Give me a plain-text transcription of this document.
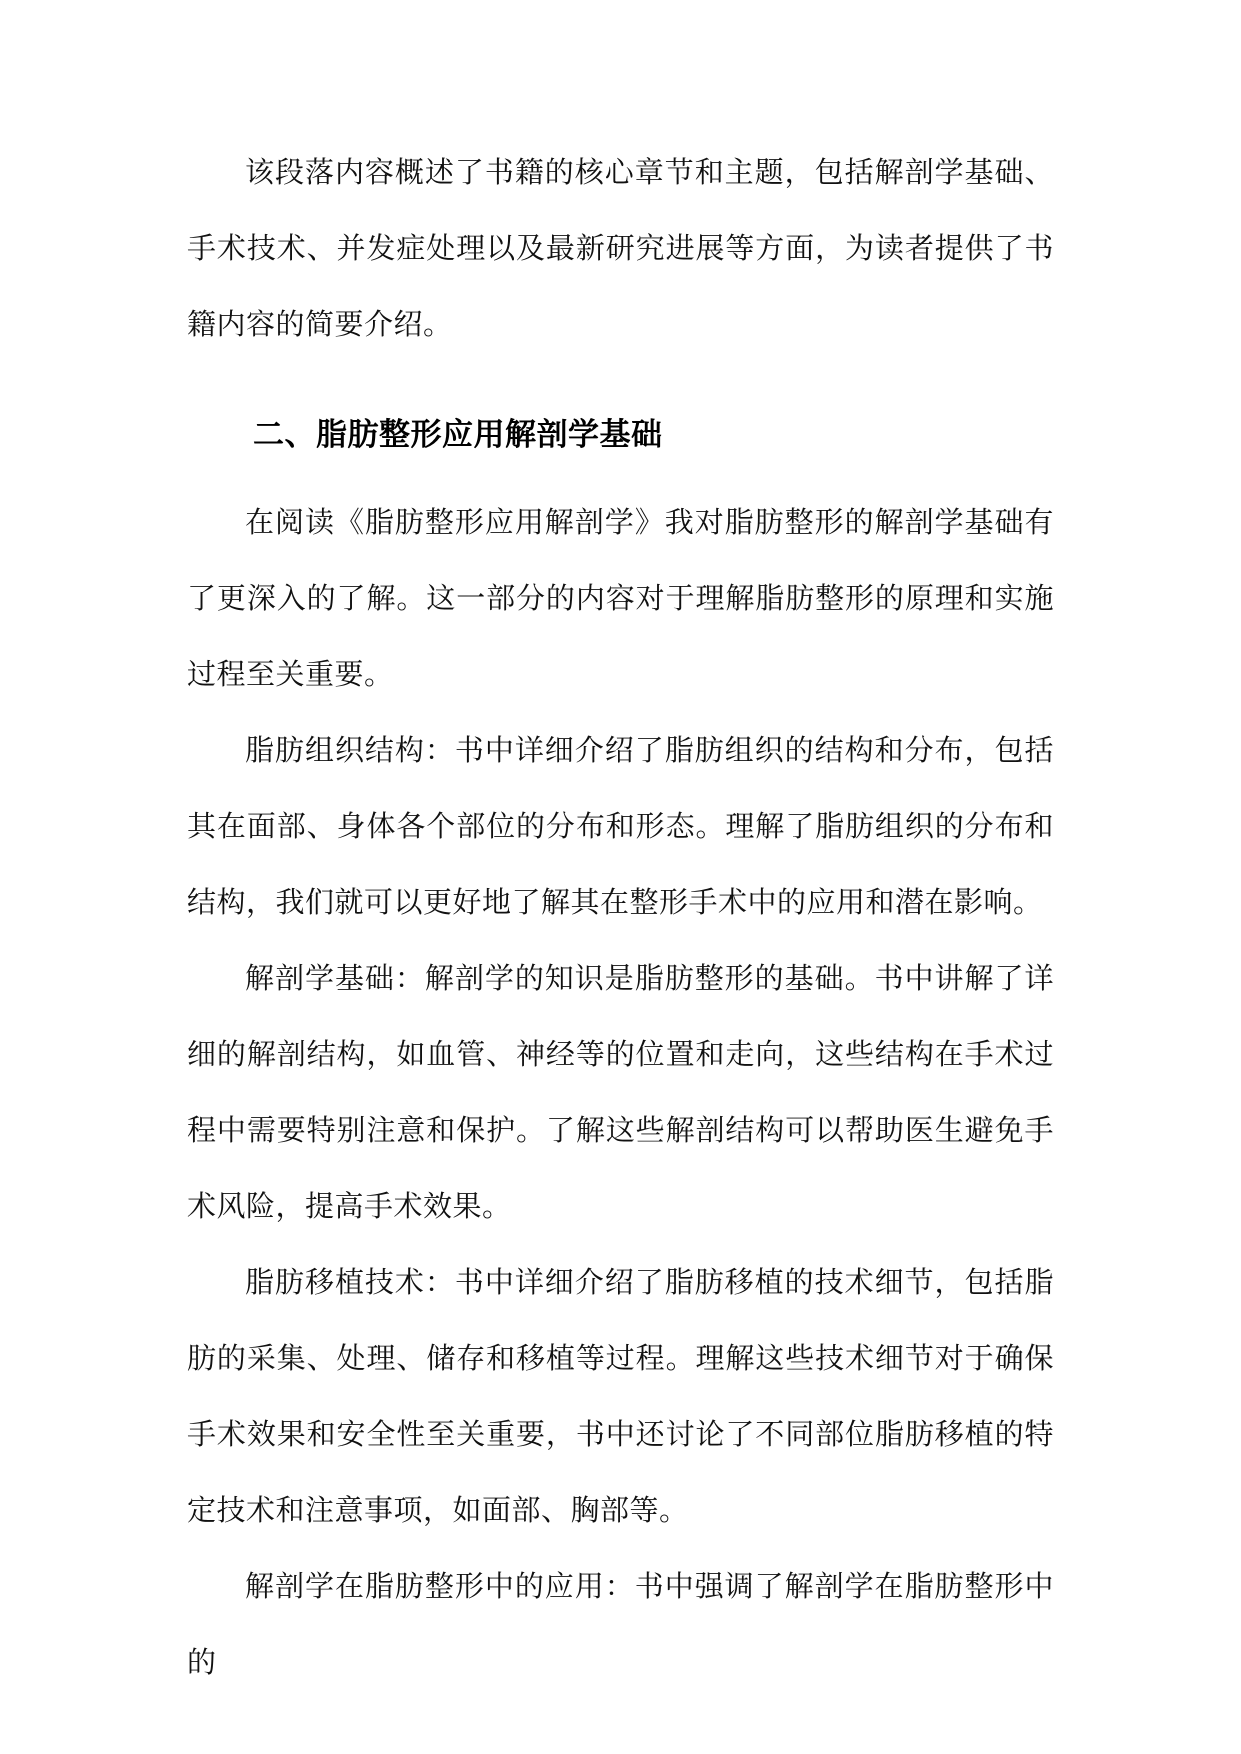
该段落内容概述了书籍的核心章节和主题，包括解剖学基础、手术技术、并发症处理以及最新研究进展等方面，为读者提供了书籍内容的简要介绍。

二、脂肪整形应用解剖学基础

在阅读《脂肪整形应用解剖学》我对脂肪整形的解剖学基础有了更深入的了解。这一部分的内容对于理解脂肪整形的原理和实施过程至关重要。

脂肪组织结构：书中详细介绍了脂肪组织的结构和分布，包括其在面部、身体各个部位的分布和形态。理解了脂肪组织的分布和结构，我们就可以更好地了解其在整形手术中的应用和潜在影响。

解剖学基础：解剖学的知识是脂肪整形的基础。书中讲解了详细的解剖结构，如血管、神经等的位置和走向，这些结构在手术过程中需要特别注意和保护。了解这些解剖结构可以帮助医生避免手术风险，提高手术效果。

脂肪移植技术：书中详细介绍了脂肪移植的技术细节，包括脂肪的采集、处理、储存和移植等过程。理解这些技术细节对于确保手术效果和安全性至关重要，书中还讨论了不同部位脂肪移植的特定技术和注意事项，如面部、胸部等。

解剖学在脂肪整形中的应用：书中强调了解剖学在脂肪整形中的
